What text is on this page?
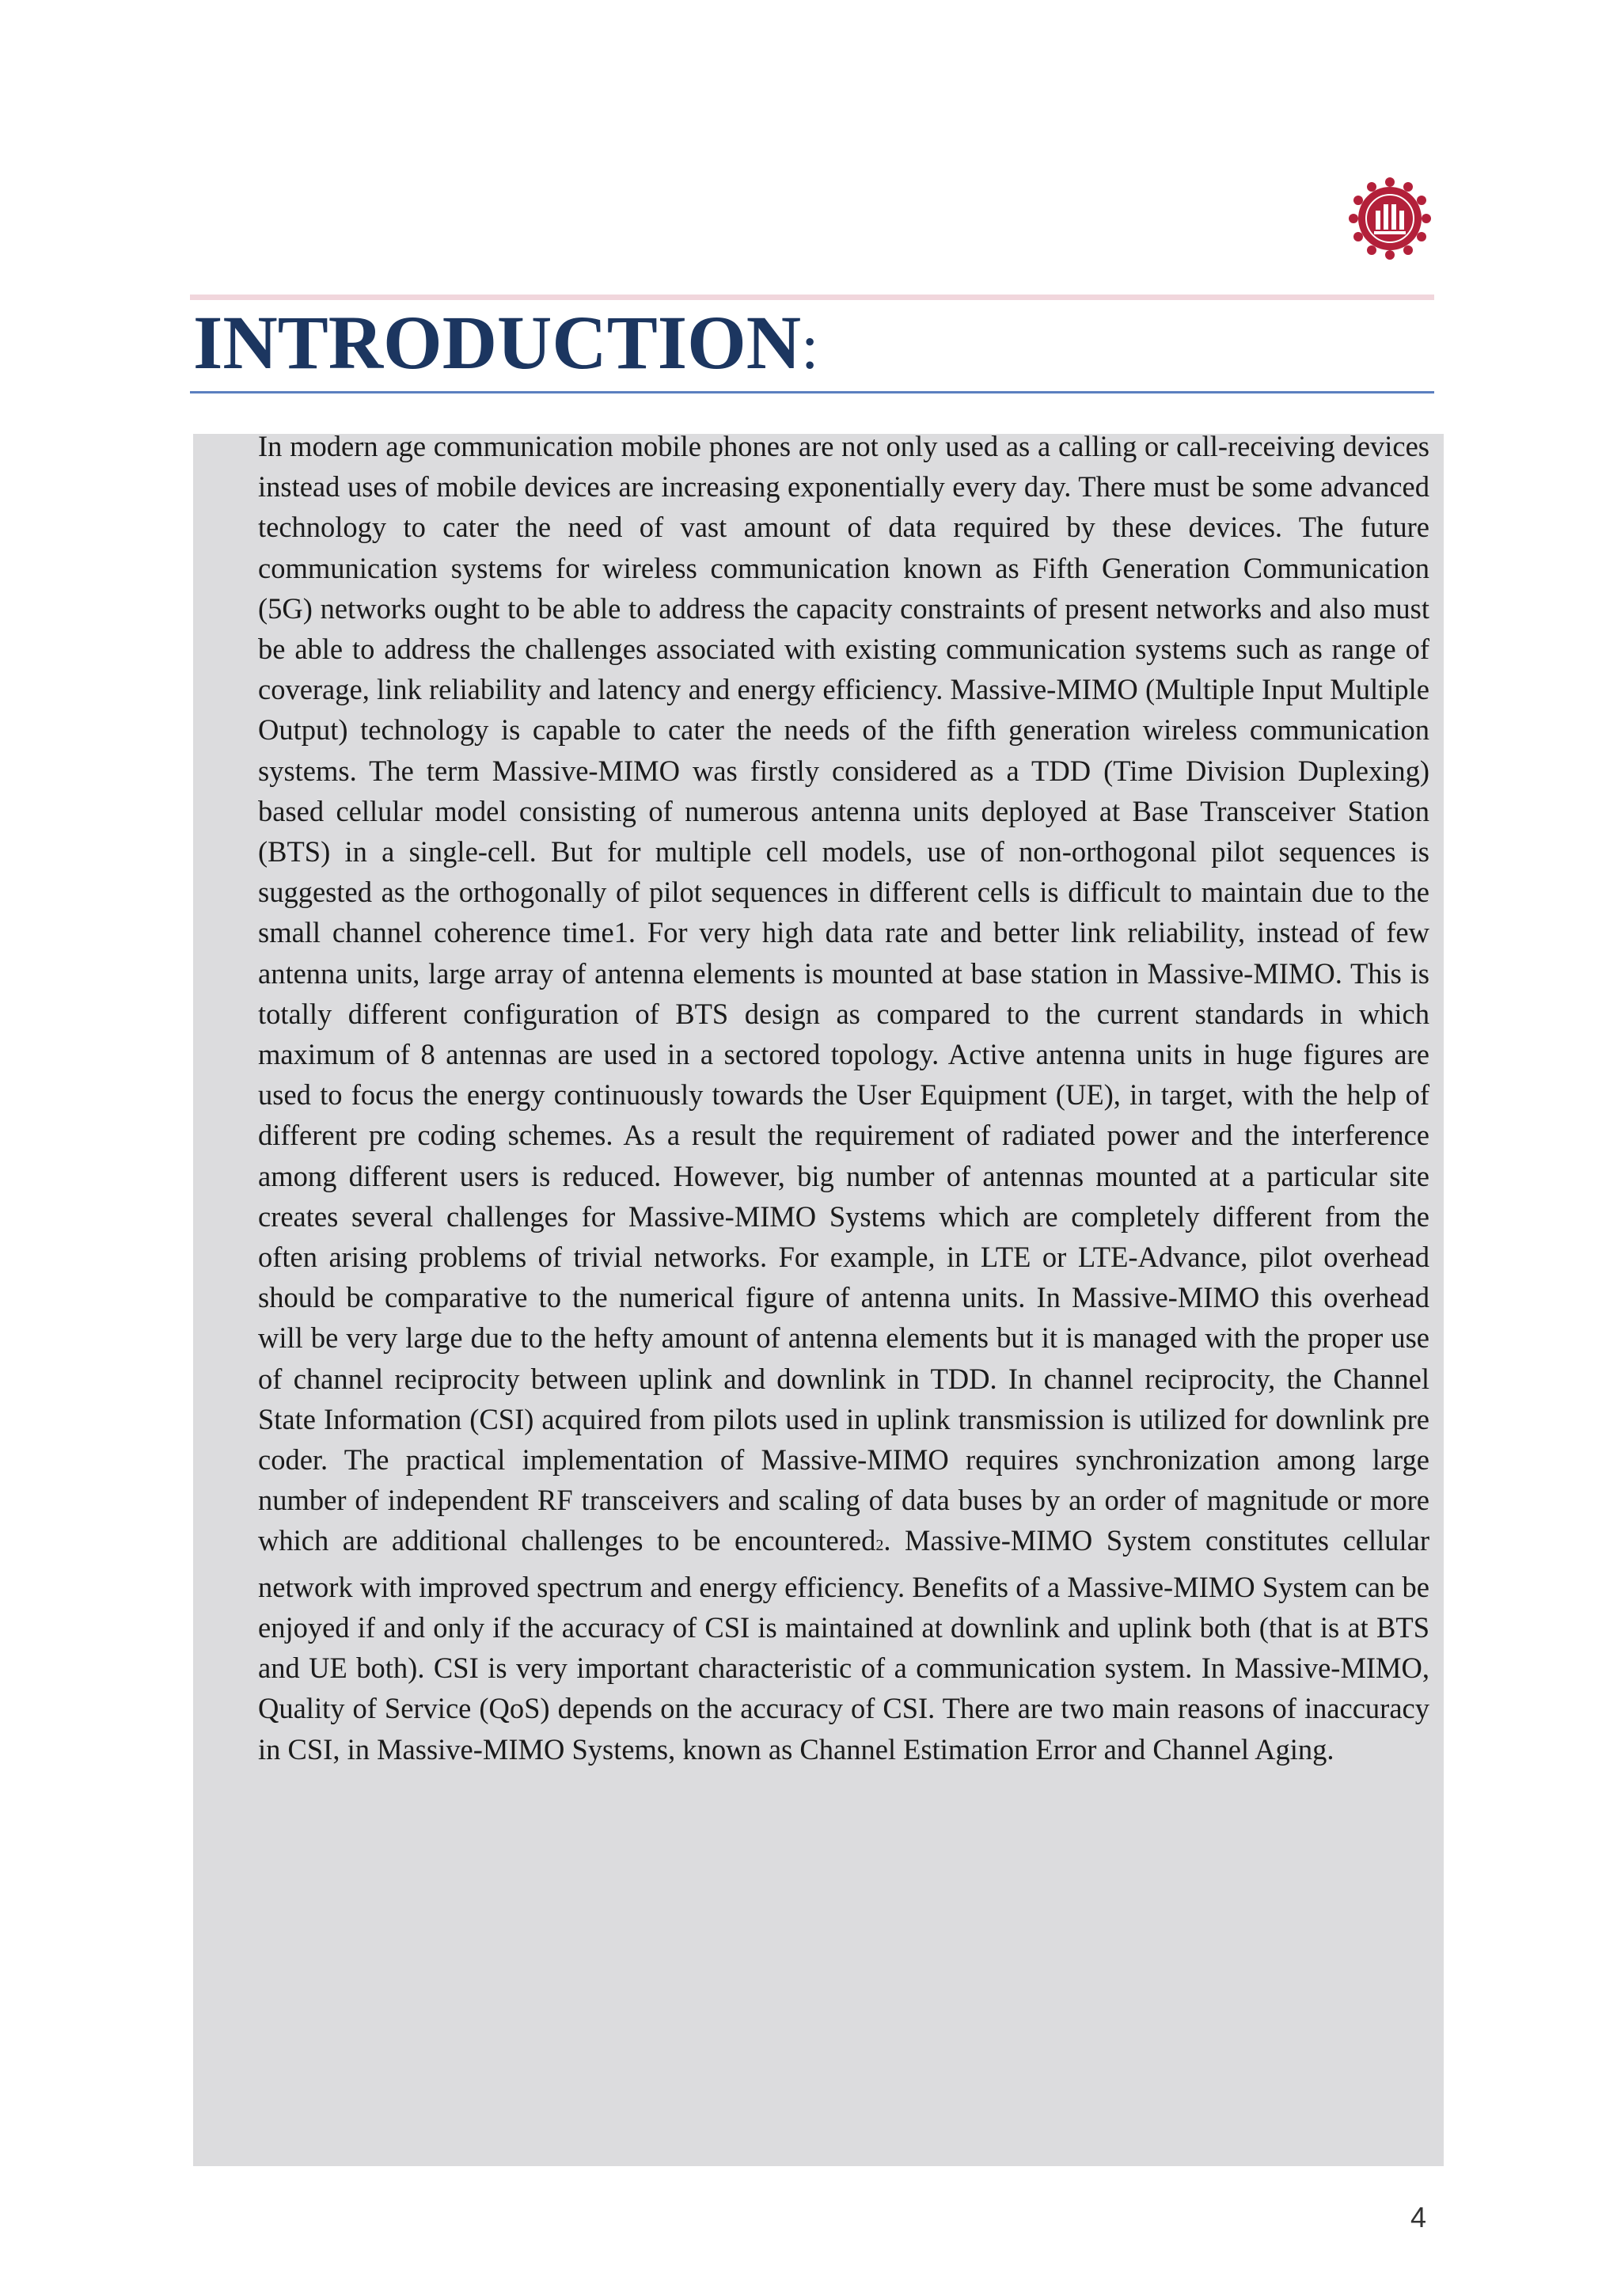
INTRODUCTION:

In modern age communication mobile phones are not only used as a calling or call-receiving devices instead uses of mobile devices are increasing exponentially every day. There must be some advanced technology to cater the need of vast amount of data required by these devices. The future communication systems for wireless communication known as Fifth Generation Communication (5G) networks ought to be able to address the capacity constraints of present networks and also must be able to address the challenges associated with existing communication systems such as range of coverage, link reliability and latency and energy efficiency. Massive-MIMO (Multiple Input Multiple Output) technology is capable to cater the needs of the fifth generation wireless communication systems. The term Massive-MIMO was firstly considered as a TDD (Time Division Duplexing) based cellular model consisting of numerous antenna units deployed at Base Transceiver Station (BTS) in a single-cell. But for multiple cell models, use of non-orthogonal pilot sequences is suggested as the orthogonally of pilot sequences in different cells is difficult to maintain due to the small channel coherence time1. For very high data rate and better link reliability, instead of few antenna units, large array of antenna elements is mounted at base station in Massive-MIMO. This is totally different configuration of BTS design as compared to the current standards in which maximum of 8 antennas are used in a sectored topology. Active antenna units in huge figures are used to focus the energy continuously towards the User Equipment (UE), in target, with the help of different pre coding schemes. As a result the requirement of radiated power and the interference among different users is reduced. However, big number of antennas mounted at a particular site creates several challenges for Massive-MIMO Systems which are completely different from the often arising problems of trivial networks. For example, in LTE or LTE-Advance, pilot overhead should be comparative to the numerical figure of antenna units. In Massive-MIMO this overhead will be very large due to the hefty amount of antenna elements but it is managed with the proper use of channel reciprocity between uplink and downlink in TDD. In channel reciprocity, the Channel State Information (CSI) acquired from pilots used in uplink transmission is utilized for downlink pre coder. The practical implementation of Massive-MIMO requires synchronization among large number of independent RF transceivers and scaling of data buses by an order of magnitude or more which are additional challenges to be encountered2. Massive-MIMO System constitutes cellular network with improved spectrum and energy efficiency. Benefits of a Massive-MIMO System can be enjoyed if and only if the accuracy of CSI is maintained at downlink and uplink both (that is at BTS and UE both). CSI is very important characteristic of a communication system. In Massive-MIMO, Quality of Service (QoS) depends on the accuracy of CSI. There are two main reasons of inaccuracy in CSI, in Massive-MIMO Systems, known as Channel Estimation Error and Channel Aging.

4
